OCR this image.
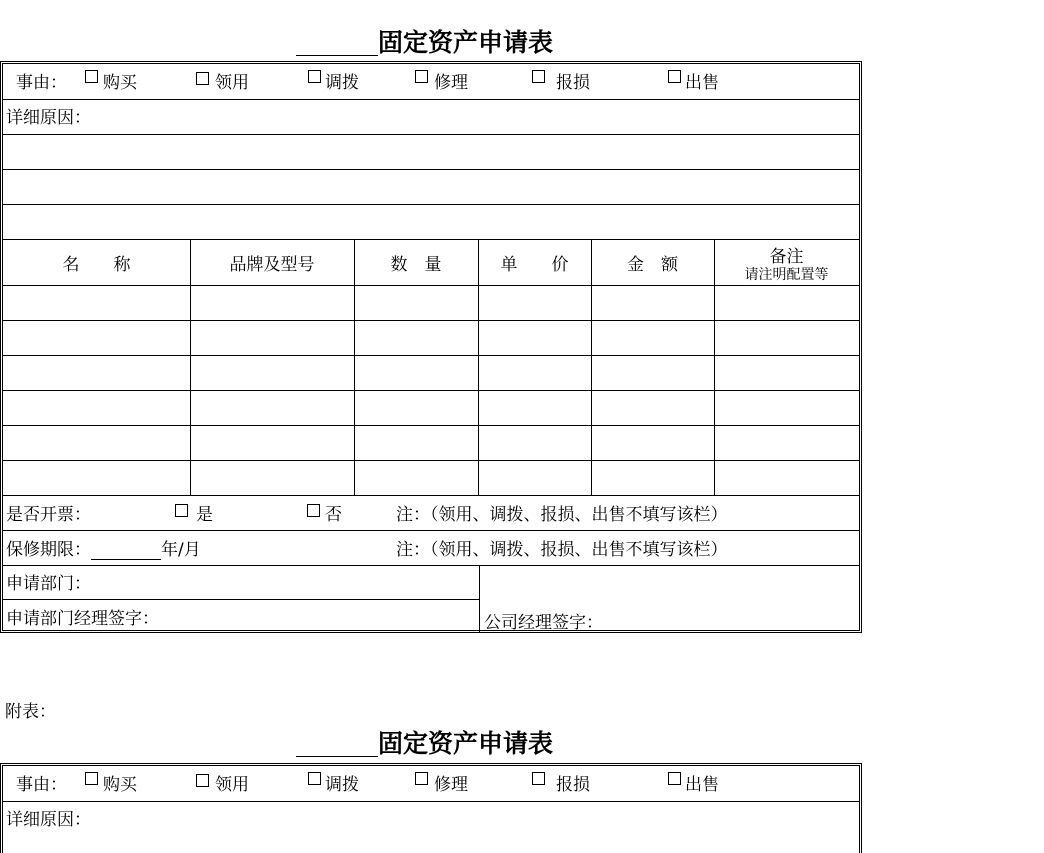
固定资产申请表
事由： 购买	领用	调拨	修理	报损	出售
详细原因：
名　　称	品牌及型号	数　量	单　　价	金　额	备注
请注明配置等
是否开票：	是	否	注：（领用、调拨、报损、出售不填写该栏）
保修期限：	年/月	注：（领用、调拨、报损、出售不填写该栏）
申请部门：
申请部门经理签字：	公司经理签字：
附表：
固定资产申请表
事由： 购买	领用	调拨	修理	报损	出售
详细原因：
